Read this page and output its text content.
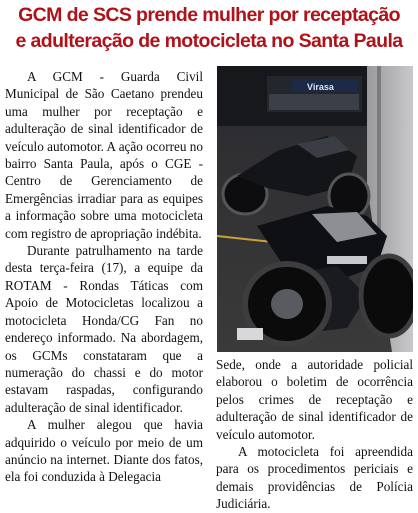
GCM de SCS prende mulher por receptação
e adulteração de motocicleta no Santa Paula

A GCM - Guarda Civil Municipal de São Caetano prendeu uma mulher por receptação e adulteração de sinal identificador de veículo automotor. A ação ocorreu no bairro Santa Paula, após o CGE - Centro de Gerenciamento de Emergências irradiar para as equipes a informação sobre uma motocicleta com registro de apropriação indébita.

Durante patrulhamento na tarde desta terça-feira (17), a equipe da ROTAM - Rondas Táticas com Apoio de Motocicletas localizou a motocicleta Honda/CG Fan no endereço informado. Na abordagem, os GCMs constataram que a numeração do chassi e do motor estavam raspadas, configurando adulteração de sinal identificador.

A mulher alegou que havia adquirido o veículo por meio de um anúncio na internet. Diante dos fatos, ela foi conduzida à Delegacia

Virasa

Sede, onde a autoridade policial elaborou o boletim de ocorrência pelos crimes de receptação e adulteração de sinal identificador de veículo automotor.

A motocicleta foi apreendida para os procedimentos periciais e demais providências de Polícia Judiciária.
